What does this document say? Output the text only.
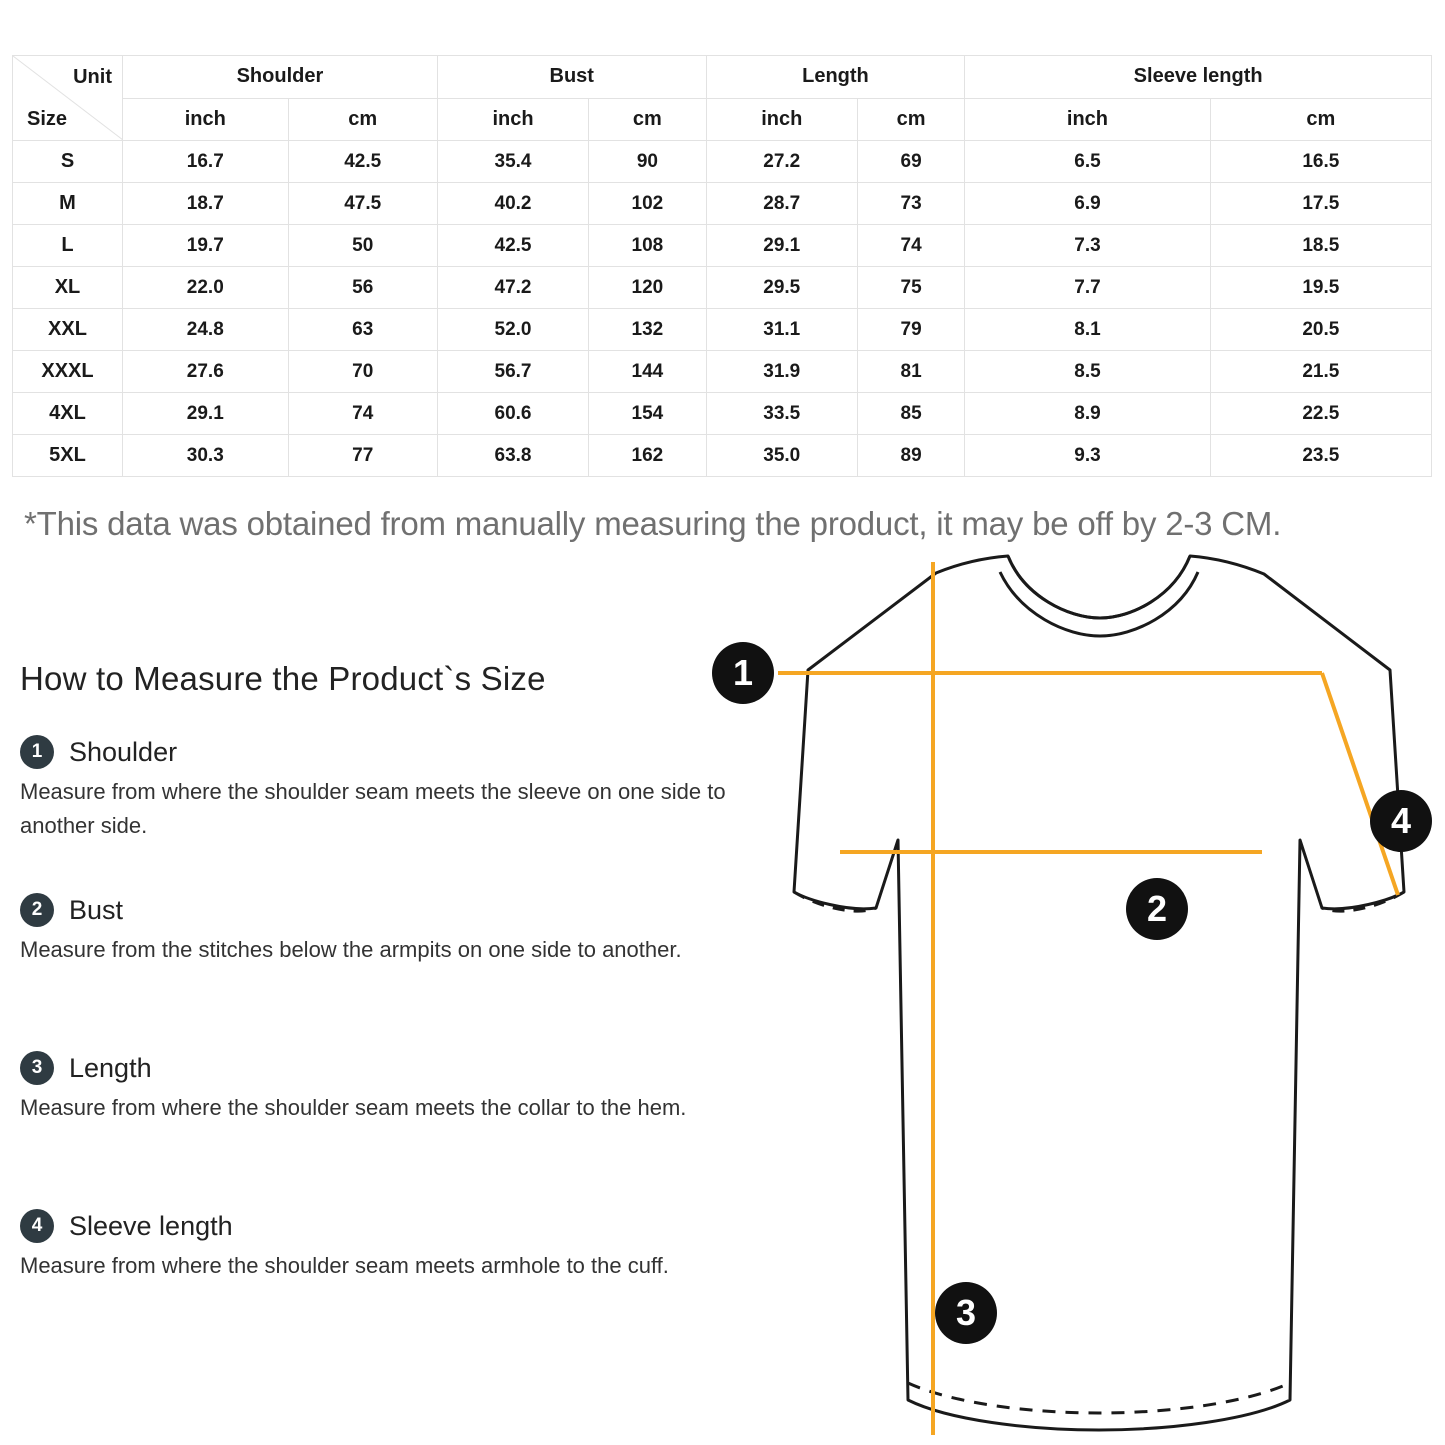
Unit
Size	Shoulder		Bust		Length		Sleeve length	
	inch	cm	inch	cm	inch	cm	inch	cm
S	16.7	42.5	35.4	90	27.2	69	6.5	16.5
M	18.7	47.5	40.2	102	28.7	73	6.9	17.5
L	19.7	50	42.5	108	29.1	74	7.3	18.5
XL	22.0	56	47.2	120	29.5	75	7.7	19.5
XXL	24.8	63	52.0	132	31.1	79	8.1	20.5
XXXL	27.6	70	56.7	144	31.9	81	8.5	21.5
4XL	29.1	74	60.6	154	33.5	85	8.9	22.5
5XL	30.3	77	63.8	162	35.0	89	9.3	23.5
*This data was obtained from manually measuring the product, it may be off by 2-3 CM.
How to Measure the Product`s Size
1 Shoulder
Measure from where the shoulder seam meets the sleeve on one side to another side.
2 Bust
Measure from the stitches below the armpits on one side to another.
3 Length
Measure from where the shoulder seam meets the collar to the hem.
4 Sleeve length
Measure from where the shoulder seam meets armhole to the cuff.
1
2
3
4
